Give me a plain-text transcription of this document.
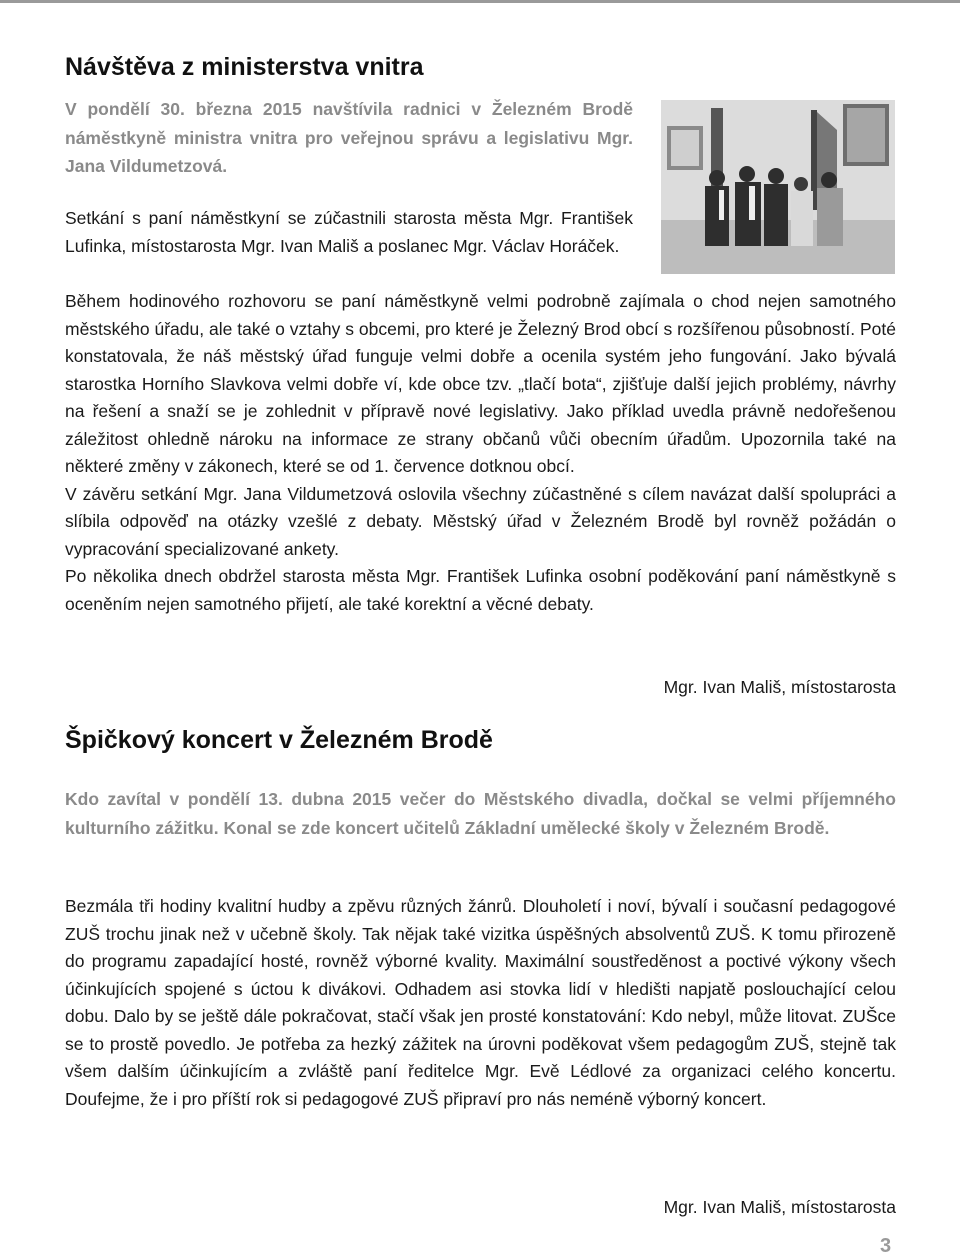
Návštěva z ministerstva vnitra

V pondělí 30. března 2015 navštívila radnici v Železném Brodě náměstkyně ministra vnitra pro veřejnou správu a legislativu Mgr. Jana Vildumetzová.

Setkání s paní náměstkyní se zúčastnili starosta města Mgr. František Lufinka, místostarosta Mgr. Ivan Mališ a poslanec Mgr. Václav Horáček.

Během hodinového rozhovoru se paní náměstkyně velmi podrobně zajímala o chod nejen samotného městského úřadu, ale také o vztahy s obcemi, pro které je Železný Brod obcí s rozšířenou působností. Poté konstatovala, že náš městský úřad funguje velmi dobře a ocenila systém jeho fungování. Jako bývalá starostka Horního Slavkova velmi dobře ví, kde obce tzv. „tlačí bota“, zjišťuje další jejich problémy, návrhy na řešení a snaží se je zohlednit v přípravě nové legislativy. Jako příklad uvedla právně nedořešenou záležitost ohledně nároku na informace ze strany občanů vůči obecním úřadům. Upozornila také na některé změny v zákonech, které se od 1. července dotknou obcí.

V závěru setkání Mgr. Jana Vildumetzová oslovila všechny zúčastněné s cílem navázat další spolupráci a slíbila odpověď na otázky vzešlé z debaty. Městský úřad v Železném Brodě byl rovněž požádán o vypracování specializované ankety.

Po několika dnech obdržel starosta města Mgr. František Lufinka osobní poděkování paní náměstkyně s oceněním nejen samotného přijetí, ale také korektní a věcné debaty.

Mgr. Ivan Mališ, místostarosta
Špičkový koncert v Železném Brodě

Kdo zavítal v pondělí 13. dubna 2015 večer do Městského divadla, dočkal se velmi příjemného kulturního zážitku. Konal se zde koncert učitelů Základní umělecké školy v Železném Brodě.

Bezmála tři hodiny kvalitní hudby a zpěvu různých žánrů. Dlouholetí i noví, bývalí i současní pedagogové ZUŠ trochu jinak než v učebně školy. Tak nějak také vizitka úspěšných absolventů ZUŠ. K tomu přirozeně do programu zapadající hosté, rovněž výborné kvality. Maximální soustředěnost a poctivé výkony všech účinkujících spojené s úctou k divákovi. Odhadem asi stovka lidí v hledišti napjatě poslouchající celou dobu. Dalo by se ještě dále pokračovat, stačí však jen prosté konstatování: Kdo nebyl, může litovat. ZUŠce se to prostě povedlo. Je potřeba za hezký zážitek na úrovni poděkovat všem pedagogům ZUŠ, stejně tak všem dalším účinkujícím a zvláště paní ředitelce Mgr. Evě Lédlové za organizaci celého koncertu. Doufejme, že i pro příští rok si pedagogové ZUŠ připraví pro nás neméně výborný koncert.

Mgr. Ivan Mališ, místostarosta
3
